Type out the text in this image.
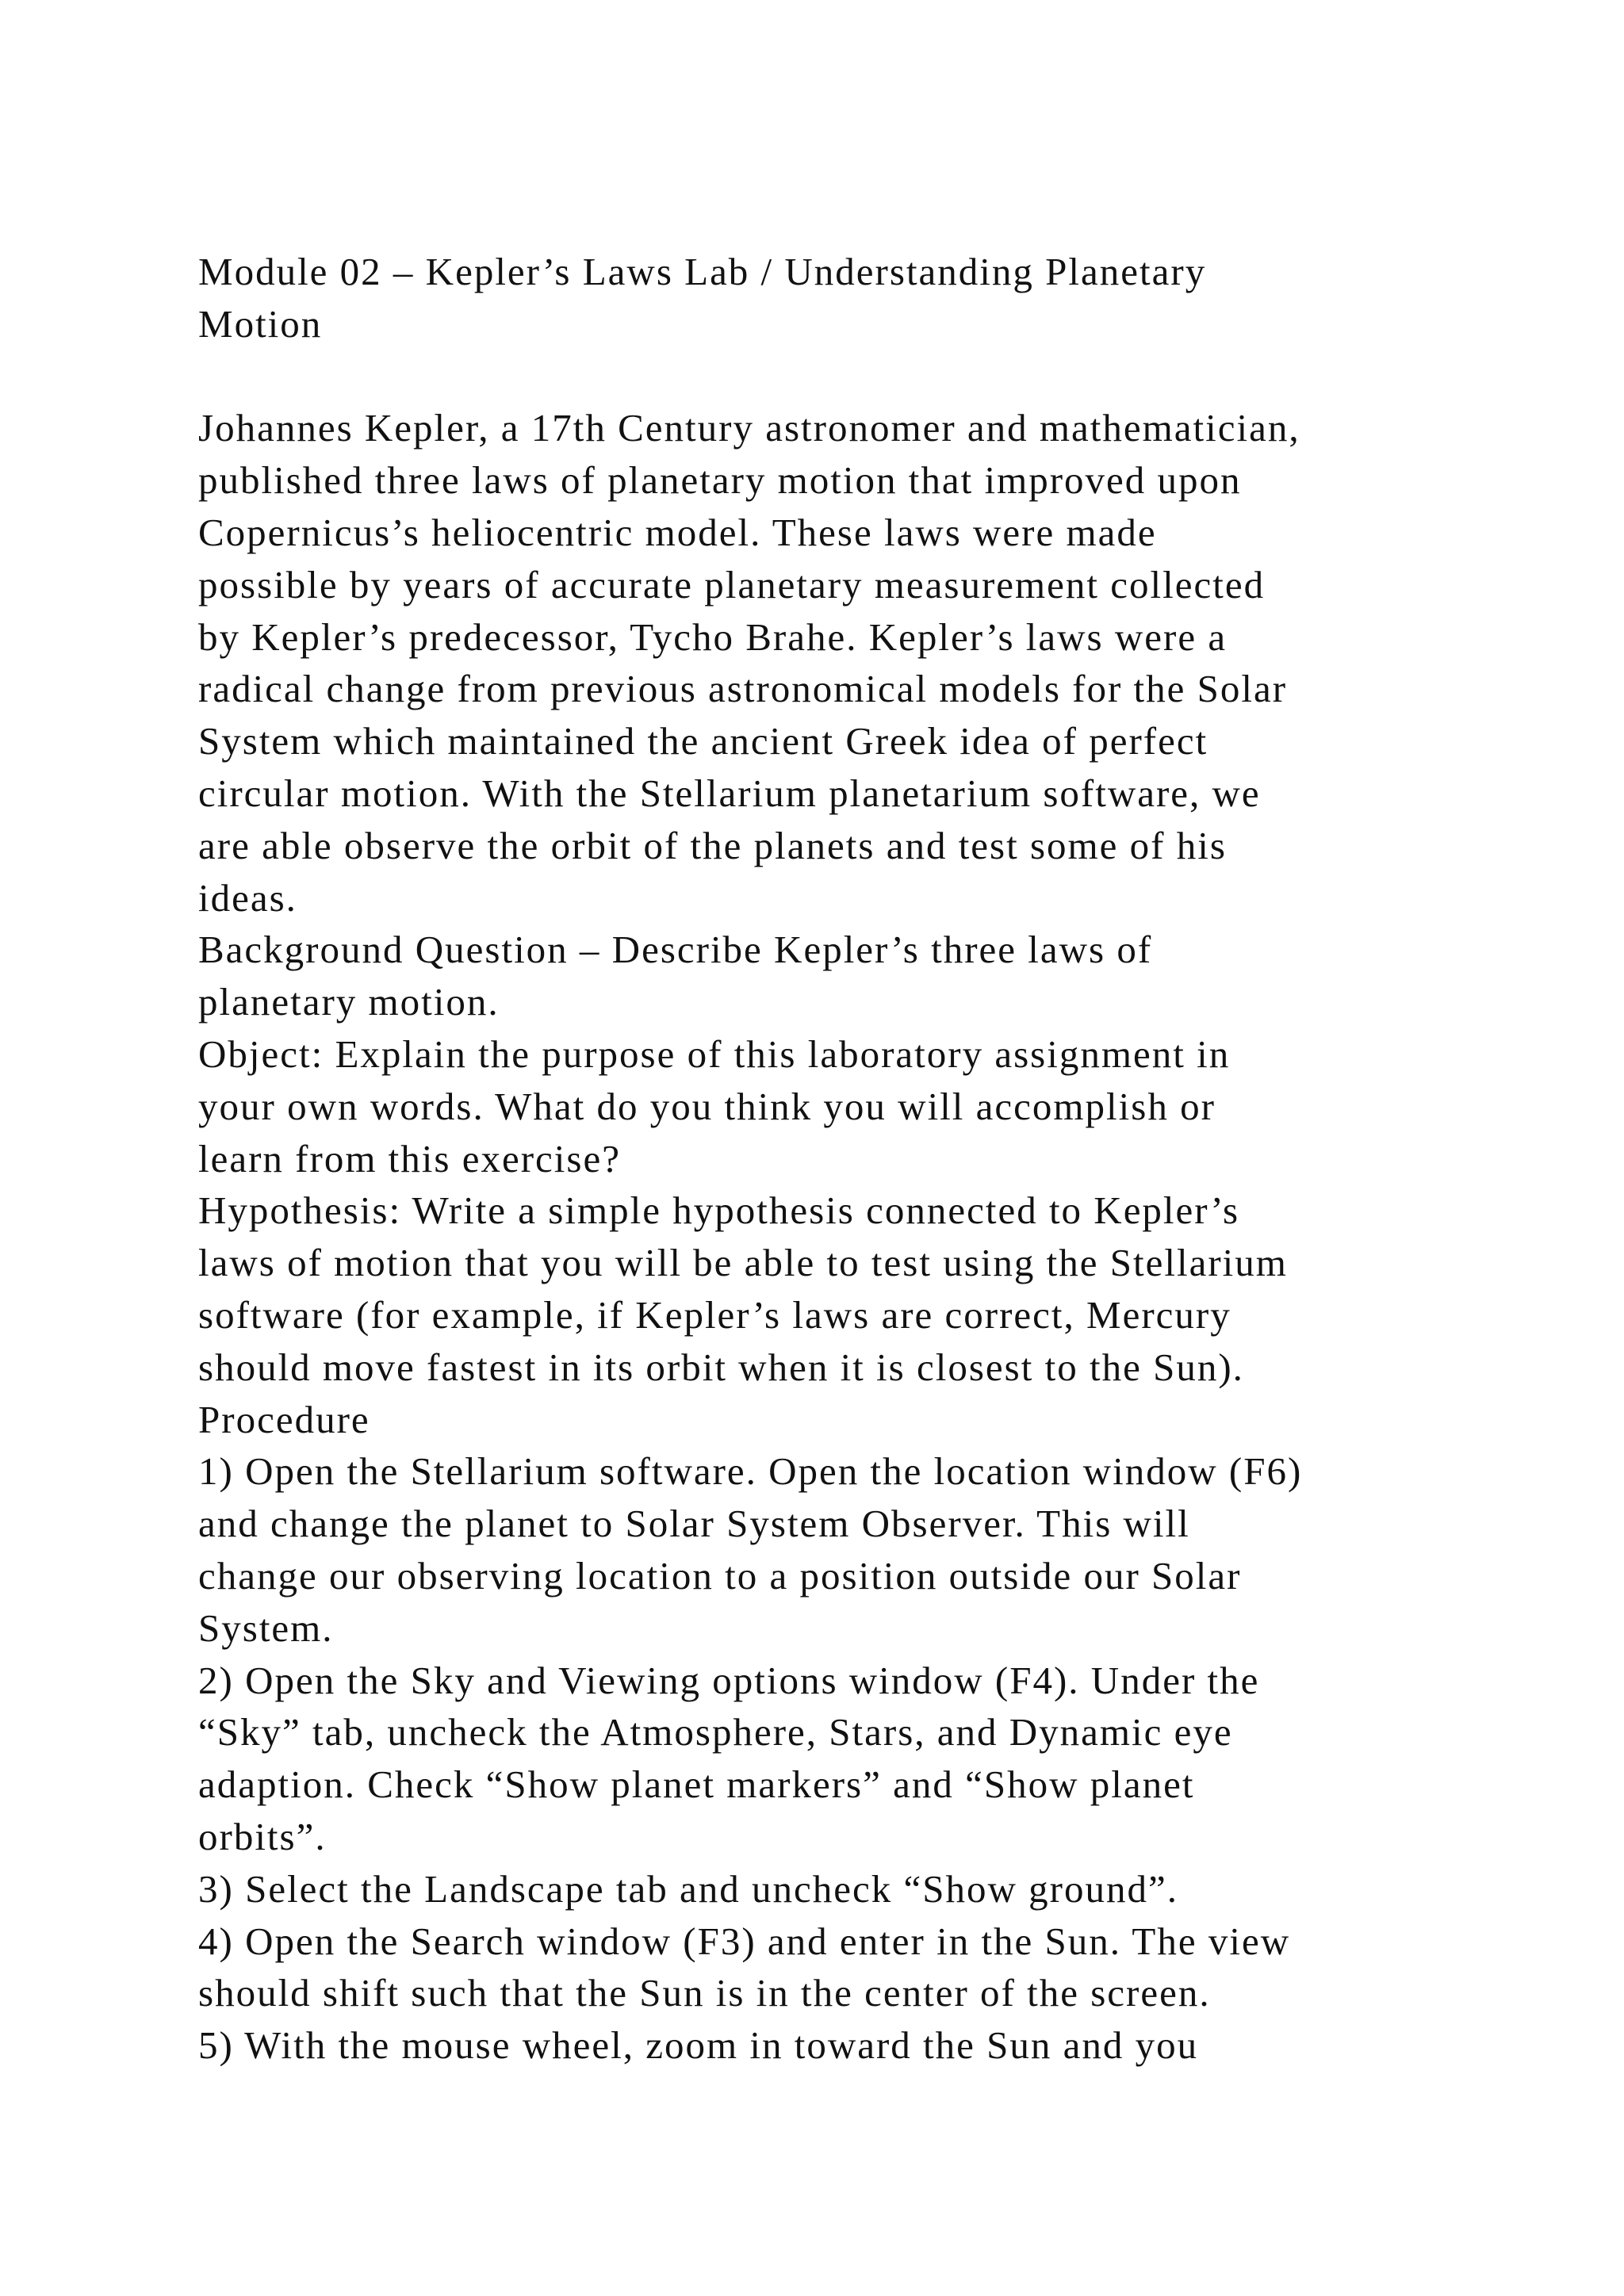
Module 02 – Kepler’s Laws Lab / Understanding Planetary
Motion
Johannes Kepler, a 17th Century astronomer and mathematician,
published three laws of planetary motion that improved upon
Copernicus’s heliocentric model. These laws were made
possible by years of accurate planetary measurement collected
by Kepler’s predecessor, Tycho Brahe. Kepler’s laws were a
radical change from previous astronomical models for the Solar
System which maintained the ancient Greek idea of perfect
circular motion. With the Stellarium planetarium software, we
are able observe the orbit of the planets and test some of his
ideas.
Background Question – Describe Kepler’s three laws of
planetary motion.
Object: Explain the purpose of this laboratory assignment in
your own words. What do you think you will accomplish or
learn from this exercise?
Hypothesis: Write a simple hypothesis connected to Kepler’s
laws of motion that you will be able to test using the Stellarium
software (for example, if Kepler’s laws are correct, Mercury
should move fastest in its orbit when it is closest to the Sun).
Procedure
1) Open the Stellarium software. Open the location window (F6)
and change the planet to Solar System Observer. This will
change our observing location to a position outside our Solar
System.
2) Open the Sky and Viewing options window (F4). Under the
“Sky” tab, uncheck the Atmosphere, Stars, and Dynamic eye
adaption. Check “Show planet markers” and “Show planet
orbits”.
3) Select the Landscape tab and uncheck “Show ground”.
4) Open the Search window (F3) and enter in the Sun. The view
should shift such that the Sun is in the center of the screen.
5) With the mouse wheel, zoom in toward the Sun and you
